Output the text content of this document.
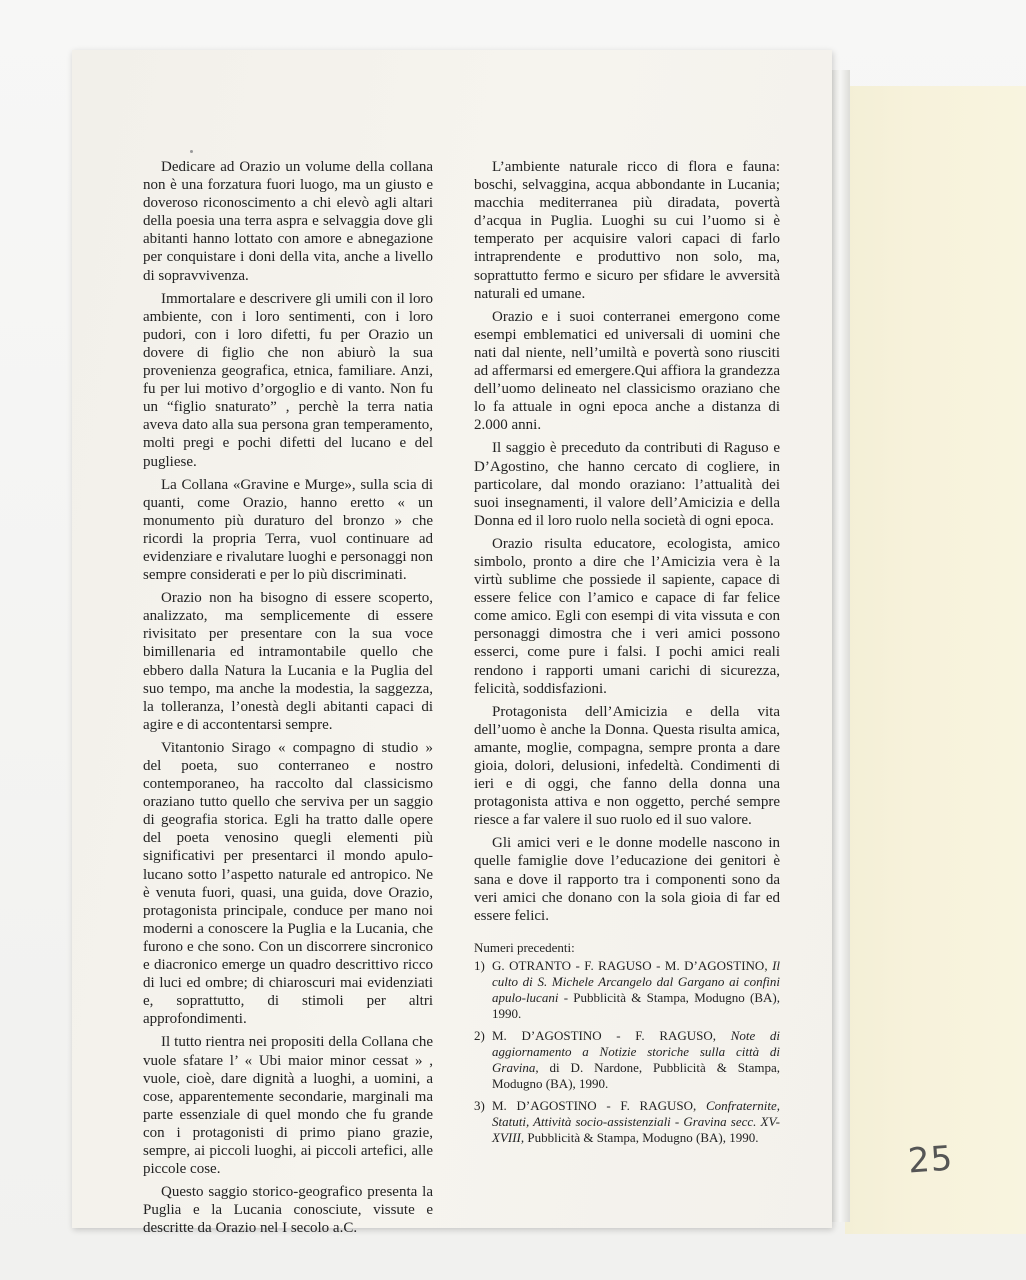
25

Dedicare ad Orazio un volume della collana non è una forzatura fuori luogo, ma un giusto e doveroso riconoscimento a chi elevò agli altari della poesia una terra aspra e selvaggia dove gli abitanti hanno lottato con amore e abnegazione per conquistare i doni della vita, anche a livello di sopravvivenza.

Immortalare e descrivere gli umili con il loro ambiente, con i loro sentimenti, con i loro pudori, con i loro difetti, fu per Orazio un dovere di figlio che non abiurò la sua provenienza geografica, etnica, familiare. Anzi, fu per lui motivo d’orgoglio e di vanto. Non fu un “figlio snaturato” , perchè la terra natia aveva dato alla sua persona gran temperamento, molti pregi e pochi difetti del lucano e del pugliese.

La Collana «Gravine e Murge», sulla scia di quanti, come Orazio, hanno eretto « un monumento più duraturo del bronzo » che ricordi la propria Terra, vuol continuare ad evidenziare e rivalutare luoghi e personaggi non sempre considerati e per lo più discriminati.

Orazio non ha bisogno di essere scoperto, analizzato, ma semplicemente di essere rivisitato per presentare con la sua voce bimillenaria ed intramontabile quello che ebbero dalla Natura la Lucania e la Puglia del suo tempo, ma anche la modestia, la saggezza, la tolleranza, l’onestà degli abitanti capaci di agire e di accontentarsi sempre.

Vitantonio Sirago « compagno di studio » del poeta, suo conterraneo e nostro contemporaneo, ha raccolto dal classicismo oraziano tutto quello che serviva per un saggio di geografia storica. Egli ha tratto dalle opere del poeta venosino quegli elementi più significativi per presentarci il mondo apulo-lucano sotto l’aspetto naturale ed antropico. Ne è venuta fuori, quasi, una guida, dove Orazio, protagonista principale, conduce per mano noi moderni a conoscere la Puglia e la Lucania, che furono e che sono. Con un discorrere sincronico e diacronico emerge un quadro descrittivo ricco di luci ed ombre; di chiaroscuri mai evidenziati e, soprattutto, di stimoli per altri approfondimenti.

Il tutto rientra nei propositi della Collana che vuole sfatare l’ « Ubi maior minor cessat » , vuole, cioè, dare dignità a luoghi, a uomini, a cose, apparentemente secondarie, marginali ma parte essenziale di quel mondo che fu grande con i protagonisti di primo piano grazie, sempre, ai piccoli luoghi, ai piccoli artefici, alle piccole cose.

Questo saggio storico-geografico presenta la Puglia e la Lucania conosciute, vissute e descritte da Orazio nel I secolo a.C.

L’ambiente naturale ricco di flora e fauna: boschi, selvaggina, acqua abbondante in Lucania; macchia mediterranea più diradata, povertà d’acqua in Puglia. Luoghi su cui l’uomo si è temperato per acquisire valori capaci di farlo intraprendente e produttivo non solo, ma, soprattutto fermo e sicuro per sfidare le avversità naturali ed umane.

Orazio e i suoi conterranei emergono come esempi emblematici ed universali di uomini che nati dal niente, nell’umiltà e povertà sono riusciti ad affermarsi ed emergere.Qui affiora la grandezza dell’uomo delineato nel classicismo oraziano che lo fa attuale in ogni epoca anche a distanza di 2.000 anni.

Il saggio è preceduto da contributi di Raguso e D’Agostino, che hanno cercato di cogliere, in particolare, dal mondo oraziano: l’attualità dei suoi insegnamenti, il valore dell’Amicizia e della Donna ed il loro ruolo nella società di ogni epoca.

Orazio risulta educatore, ecologista, amico simbolo, pronto a dire che l’Amicizia vera è la virtù sublime che possiede il sapiente, capace di essere felice con l’amico e capace di far felice come amico. Egli con esempi di vita vissuta e con personaggi dimostra che i veri amici possono esserci, come pure i falsi. I pochi amici reali rendono i rapporti umani carichi di sicurezza, felicità, soddisfazioni.

Protagonista dell’Amicizia e della vita dell’uomo è anche la Donna. Questa risulta amica, amante, moglie, compagna, sempre pronta a dare gioia, dolori, delusioni, infedeltà. Condimenti di ieri e di oggi, che fanno della donna una protagonista attiva e non oggetto, perché sempre riesce a far valere il suo ruolo ed il suo valore.

Gli amici veri e le donne modelle nascono in quelle famiglie dove l’educazione dei genitori è sana e dove il rapporto tra i componenti sono da veri amici che donano con la sola gioia di far ed essere felici.

Numeri precedenti:

1) G. OTRANTO - F. RAGUSO - M. D’AGOSTINO, Il culto di S. Michele Arcangelo dal Gargano ai confini apulo-lucani - Pubblicità & Stampa, Modugno (BA), 1990.
2) M. D’AGOSTINO - F. RAGUSO, Note di aggiornamento a Notizie storiche sulla città di Gravina, di D. Nardone, Pubblicità & Stampa, Modugno (BA), 1990.
3) M. D’AGOSTINO - F. RAGUSO, Confraternite, Statuti, Attività socio-assistenziali - Gravina secc. XV-XVIII, Pubblicità & Stampa, Modugno (BA), 1990.
